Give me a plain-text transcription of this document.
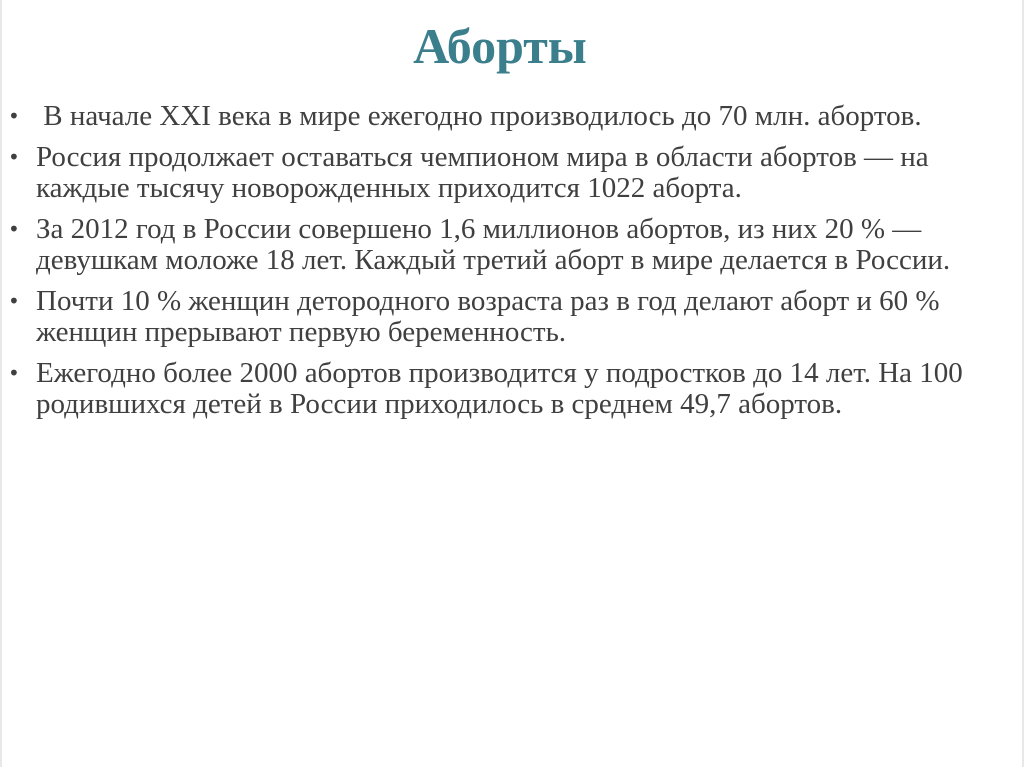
Аборты
• В начале XXI века в мире ежегодно производилось до 70 млн. абортов.
• Россия продолжает оставаться чемпионом мира в области абортов — на каждые тысячу новорожденных приходится 1022 аборта.
• За 2012 год в России совершено 1,6 миллионов абортов, из них 20 % — девушкам моложе 18 лет. Каждый третий аборт в мире делается в России.
• Почти 10 % женщин детородного возраста раз в год делают аборт и 60 % женщин прерывают первую беременность.
• Ежегодно более 2000 абортов производится у подростков до 14 лет. На 100 родившихся детей в России приходилось в среднем 49,7 абортов.
